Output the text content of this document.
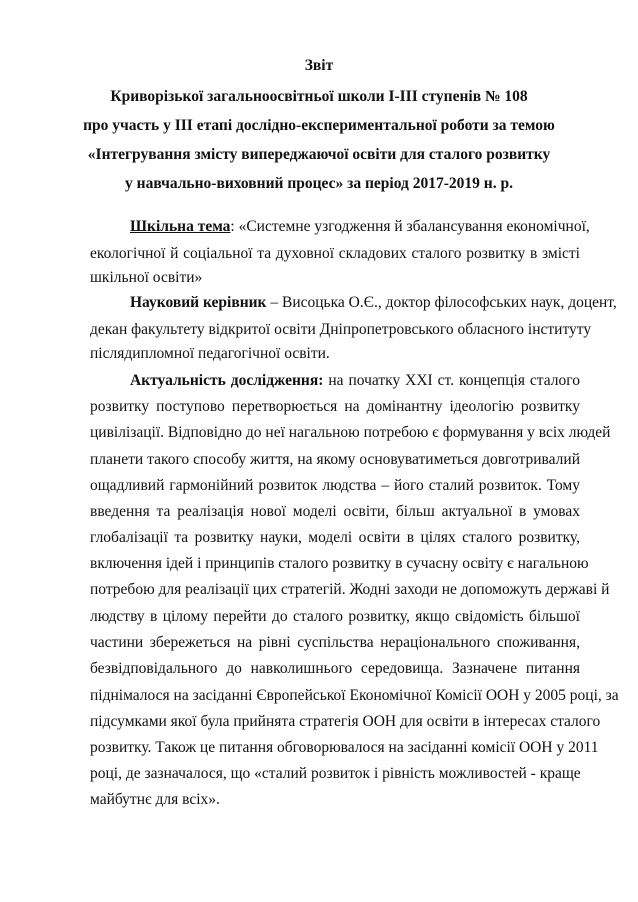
Звіт
Криворізької загальноосвітньої школи І-ІІІ ступенів № 108
про участь у ІІІ етапі дослідно-експериментальної роботи за темою
«Інтегрування змісту випереджаючої освіти для сталого розвитку
у навчально-виховний процес» за період 2017-2019 н. р.
Шкільна тема: «Системне узгодження й збалансування економічної,
екологічної й соціальної та духовної складових сталого розвитку в змісті
шкільної освіти»
Науковий керівник – Висоцька О.Є., доктор філософських наук, доцент,
декан факультету відкритої освіти Дніпропетровського обласного інституту
післядипломної педагогічної освіти.
Актуальність дослідження: на початку ХХІ ст. концепція сталого
розвитку поступово перетворюється на домінантну ідеологію розвитку
цивілізації. Відповідно до неї нагальною потребою є формування у всіх людей
планети такого способу життя, на якому основуватиметься довготривалий
ощадливий гармонійний розвиток людства – його сталий розвиток. Тому
введення та реалізація нової моделі освіти, більш актуальної в умовах
глобалізації та розвитку науки, моделі освіти в цілях сталого розвитку,
включення ідей і принципів сталого розвитку в сучасну освіту є нагальною
потребою для реалізації цих стратегій. Жодні заходи не допоможуть державі й
людству в цілому перейти до сталого розвитку, якщо свідомість більшої
частини збережеться на рівні суспільства нераціонального споживання,
безвідповідального до навколишнього середовища. Зазначене питання
піднімалося на засіданні Європейської Економічної Комісії ООН у 2005 році, за
підсумками якої була прийнята стратегія ООН для освіти в інтересах сталого
розвитку. Також це питання обговорювалося на засіданні комісії ООН у 2011
році, де зазначалося, що «сталий розвиток і рівність можливостей - краще
майбутнє для всіх».
